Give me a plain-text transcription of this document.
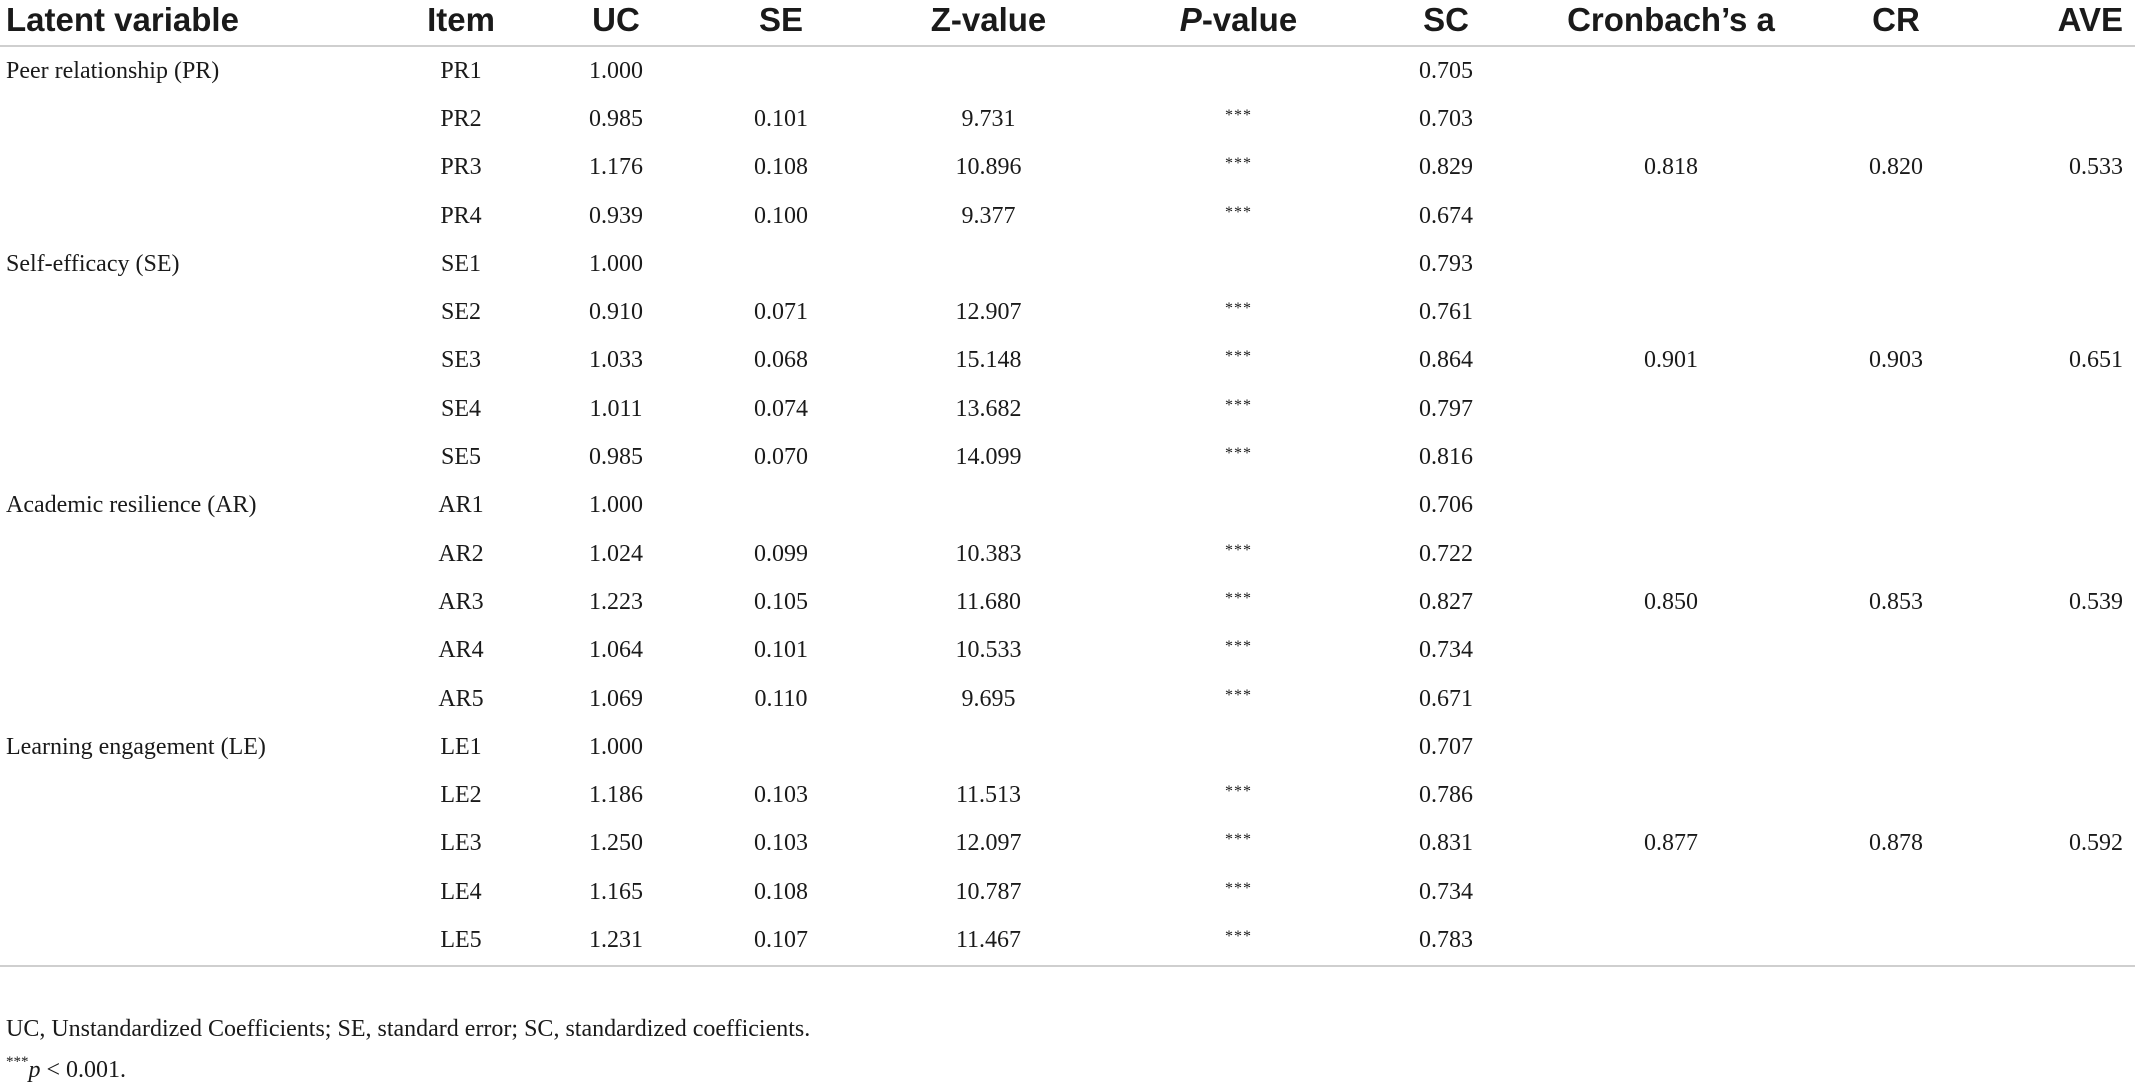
Latent variable	Item	UC	SE	Z-value	P-value	SC	Cronbach’s a	CR	AVE
Peer relationship (PR)	PR1	1.000				0.705			
	PR2	0.985	0.101	9.731	***	0.703			
	PR3	1.176	0.108	10.896	***	0.829	0.818	0.820	0.533
	PR4	0.939	0.100	9.377	***	0.674			
Self-efficacy (SE)	SE1	1.000				0.793			
	SE2	0.910	0.071	12.907	***	0.761			
	SE3	1.033	0.068	15.148	***	0.864	0.901	0.903	0.651
	SE4	1.011	0.074	13.682	***	0.797			
	SE5	0.985	0.070	14.099	***	0.816			
Academic resilience (AR)	AR1	1.000				0.706			
	AR2	1.024	0.099	10.383	***	0.722			
	AR3	1.223	0.105	11.680	***	0.827	0.850	0.853	0.539
	AR4	1.064	0.101	10.533	***	0.734			
	AR5	1.069	0.110	9.695	***	0.671			
Learning engagement (LE)	LE1	1.000				0.707			
	LE2	1.186	0.103	11.513	***	0.786			
	LE3	1.250	0.103	12.097	***	0.831	0.877	0.878	0.592
	LE4	1.165	0.108	10.787	***	0.734			
	LE5	1.231	0.107	11.467	***	0.783			
UC, Unstandardized Coefficients; SE, standard error; SC, standardized coefficients.
***p < 0.001.
